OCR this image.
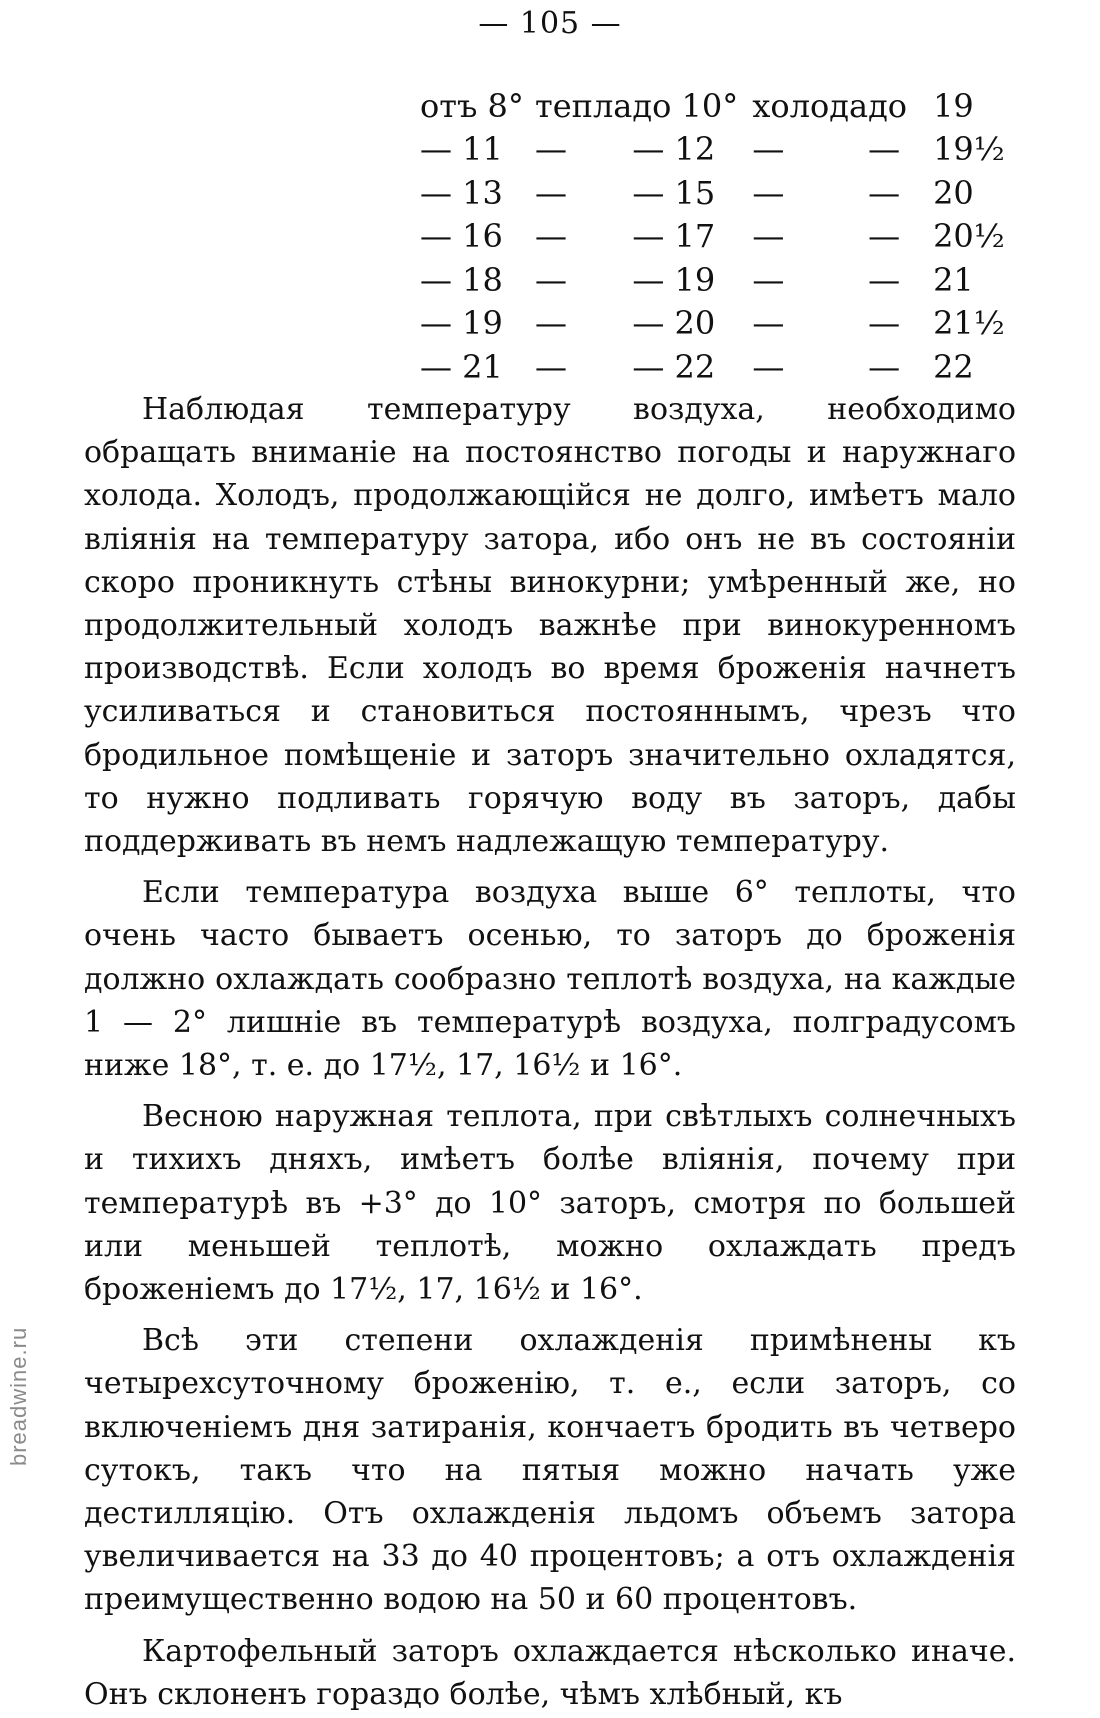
— 105 —
отъ 8°	тепла	до 10°	холода	до	19
— 11	—	— 12	—	—	19½
— 13	—	— 15	—	—	20
— 16	—	— 17	—	—	20½
— 18	—	— 19	—	—	21
— 19	—	— 20	—	—	21½
— 21	—	— 22	—	—	22

Наблюдая температуру воздуха, необходимо обращать вниманіе на постоянство погоды и наружнаго холода. Холодъ, продолжающійся не долго, имѣетъ мало вліянія на температуру затора, ибо онъ не въ состояніи скоро проникнуть стѣны винокурни; умѣренный же, но продолжительный холодъ важнѣе при винокуренномъ производствѣ. Если холодъ во время броженія начнетъ усиливаться и становиться постояннымъ, чрезъ что бродильное помѣщеніе и заторъ значительно охладятся, то нужно подливать горячую воду въ заторъ, дабы поддерживать въ немъ надлежащую температуру.

Если температура воздуха выше 6° теплоты, что очень часто бываетъ осенью, то заторъ до броженія должно охлаждать сообразно теплотѣ воздуха, на каждые 1 — 2° лишніе въ температурѣ воздуха, полградусомъ ниже 18°, т. е. до 17½, 17, 16½ и 16°.

Весною наружная теплота, при свѣтлыхъ солнечныхъ и тихихъ дняхъ, имѣетъ болѣе вліянія, почему при температурѣ въ +3° до 10° заторъ, смотря по большей или меньшей теплотѣ, можно охлаждать предъ броженіемъ до 17½, 17, 16½ и 16°.

Всѣ эти степени охлажденія примѣнены къ четырехсуточному броженію, т. е., если заторъ, со включеніемъ дня затиранія, кончаетъ бродить въ четверо сутокъ, такъ что на пятыя можно начать уже дестилляцію. Отъ охлажденія льдомъ объемъ затора увеличивается на 33 до 40 процентовъ; а отъ охлажденія преимущественно водою на 50 и 60 процентовъ.

Картофельный заторъ охлаждается нѣсколько иначе. Онъ склоненъ гораздо болѣе, чѣмъ хлѣбный, къ

breadwine.ru
